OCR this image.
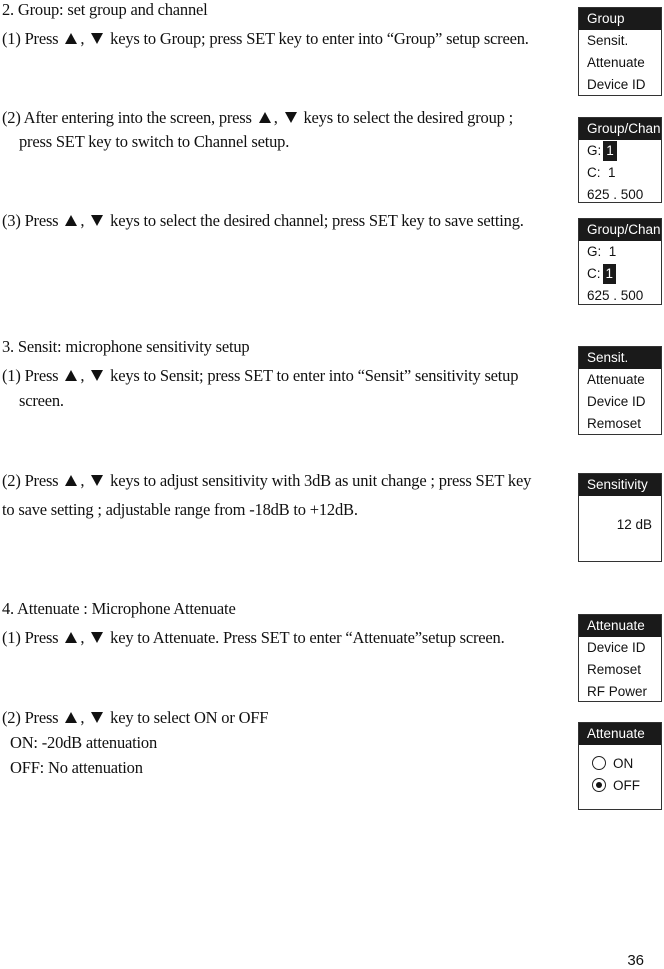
2. Group: set group and channel
(1) Press , keys to Group; press SET key to enter into “Group” setup screen.
(2) After entering into the screen, press , keys to select the desired group ;
press SET key to switch to Channel setup.
(3) Press , keys to select the desired channel; press SET key to save setting.
3. Sensit: microphone sensitivity setup
(1) Press , keys to Sensit; press SET to enter into “Sensit” sensitivity setup
screen.
(2) Press , keys to adjust sensitivity with 3dB as unit change ; press SET key
to save setting ; adjustable range from -18dB to +12dB.
4. Attenuate : Microphone Attenuate
(1) Press , key to Attenuate. Press SET to enter “Attenuate”setup screen.
(2) Press , key to select ON or OFF
ON: -20dB attenuation
OFF: No attenuation
Group
Sensit.
Attenuate
Device ID
Group/Chan
G: 1
C: 1
625 . 500
Group/Chan
G: 1
C: 1
625 . 500
Sensit.
Attenuate
Device ID
Remoset
Sensitivity
12 dB
Attenuate
Device ID
Remoset
RF Power
Attenuate
ON
OFF
36
